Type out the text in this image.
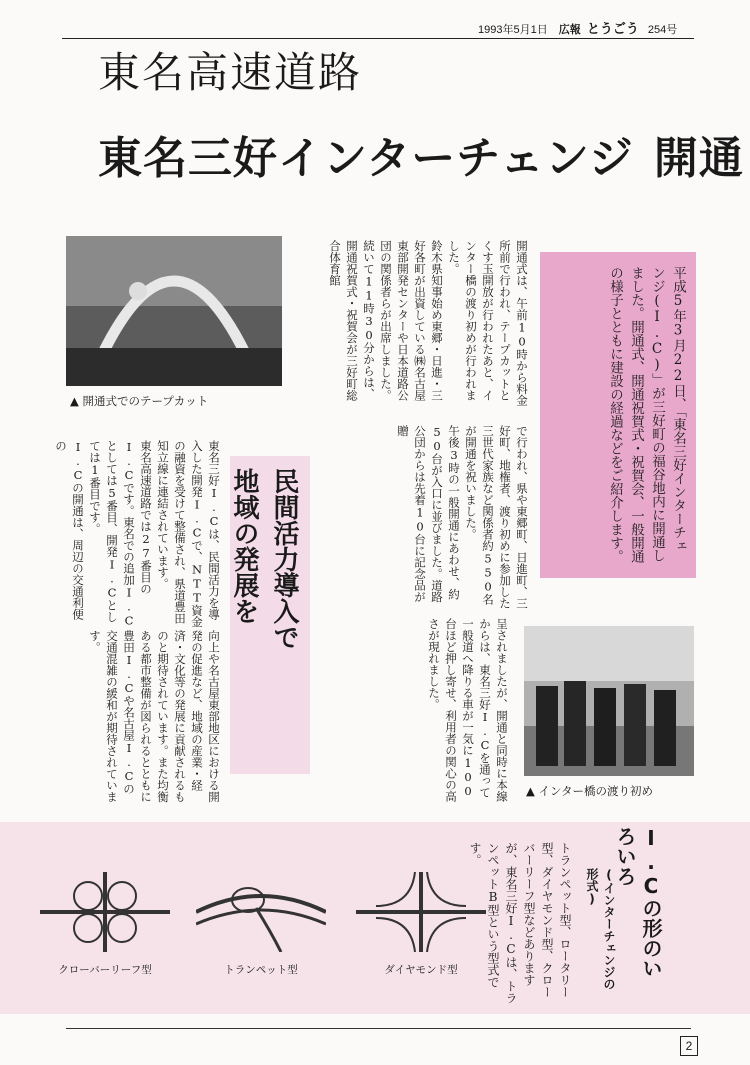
1993年5月1日 広報 とうごう 254号
東名高速道路
東名三好インターチェンジ 開通
平成5年3月22日、「東名三好インターチェンジ(I.C)」が三好町の福谷地内に開通しました。開通式、開通祝賀式・祝賀会、一般開通の様子とともに建設の経過などをご紹介します。
▲ 開通式でのテープカット
▲ インター橋の渡り初め

開通式は、午前10時から料金所前で行われ、テープカットとくす玉開放が行われたあと、インター橋の渡り初めが行われました。

鈴木県知事始め東郷・日進・三好各町が出資している㈱名古屋東部開発センターや日本道路公団の関係者らが出席しました。

続いて11時30分からは、開通祝賀式・祝賀会が三好町総合体育館

で行われ、県や東郷町、日進町、三好町、地権者、渡り初めに参加した三世代家族など関係者約550名が開通を祝いました。

午後3時の一般開通にあわせ、約50台が入口に並びました。道路公団からは先着10台に記念品が贈

呈されましたが、開通と同時に本線からは、東名三好I.Cを通って一般道へ降りる車が一気に100台ほど押し寄せ、利用者の関心の高さが現れました。

東名三好I.Cは、民間活力を導入した開発I.Cで、NTT資金の融資を受けて整備され、県道豊田知立線に連結されています。

東名高速道路では27番目のI.Cです。東名での追加I.Cとしては5番目、開発I.Cとしては1番目です。

I.Cの開通は、周辺の交通利便の

向上や名古屋東部地区における開発の促進など、地域の産業・経済・文化等の発展に貢献されるものと期待されています。また均衡ある都市整備が図られるとともに豊田I.Cや名古屋I.Cの交通混雑の緩和が期待されています。	民間活力導入で
地域の発展を
クローバーリーフ型	トランペット型	ダイヤモンド型	I.Cの形のいろいろ
(インターチェンジの形式)
トランペット型、ロータリー型、ダイヤモンド型、クローバーリーフ型などありますが、東名三好I.Cは、トランペットB型という型式です。
2
